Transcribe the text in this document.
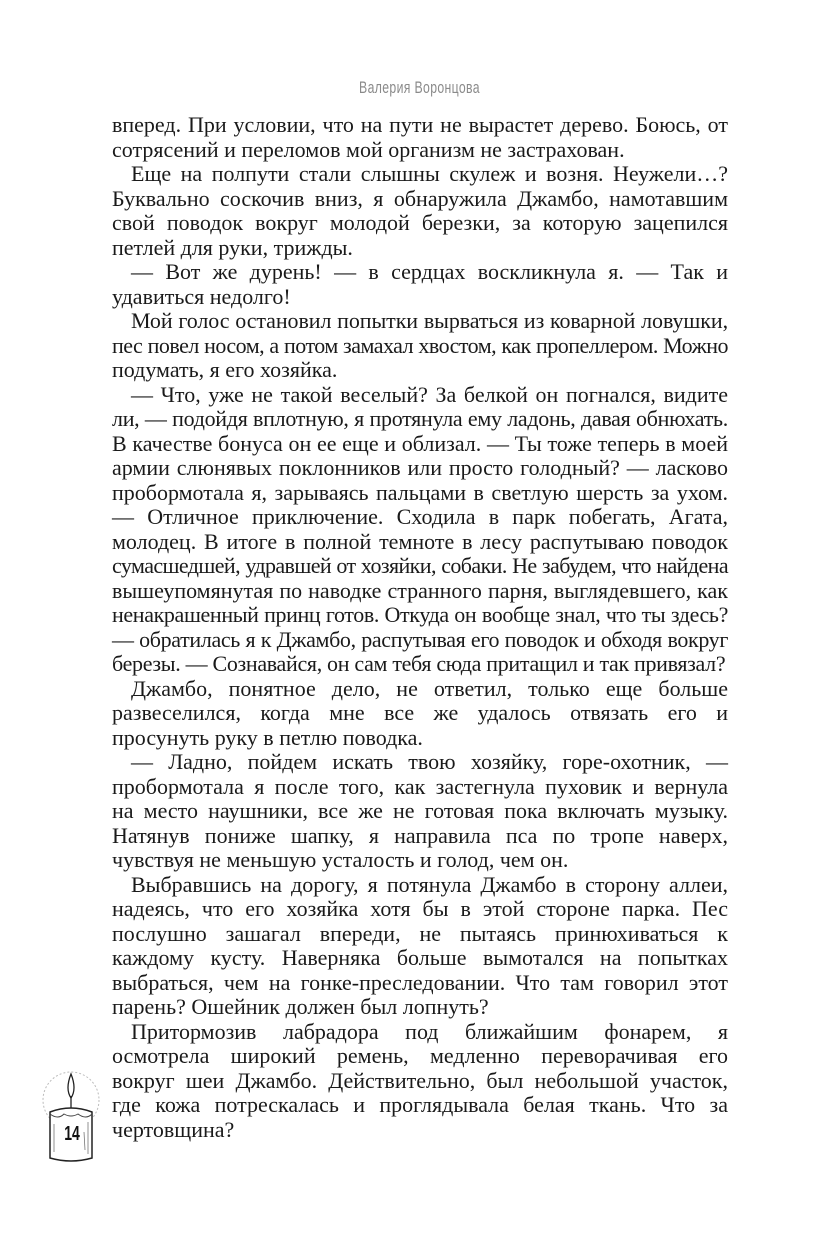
Валерия Воронцова
вперед. При условии, что на пути не вырастет дерево. Боюсь, от
сотрясений и переломов мой организм не застрахован.
Еще на полпути стали слышны скулеж и возня. Неужели…?
Буквально соскочив вниз, я обнаружила Джамбо, намотавшим
свой поводок вокруг молодой березки, за которую зацепился
петлей для руки, трижды.
— Вот же дурень! — в сердцах воскликнула я. — Так и
удавиться недолго!
Мой голос остановил попытки вырваться из коварной ловушки,
пес повел носом, а потом замахал хвостом, как пропеллером. Можно
подумать, я его хозяйка.
— Что, уже не такой веселый? За белкой он погнался, видите
ли, — подойдя вплотную, я протянула ему ладонь, давая обнюхать.
В качестве бонуса он ее еще и облизал. — Ты тоже теперь в моей
армии слюнявых поклонников или просто голодный? — ласково
пробормотала я, зарываясь пальцами в светлую шерсть за ухом.
— Отличное приключение. Сходила в парк побегать, Агата,
молодец. В итоге в полной темноте в лесу распутываю поводок
сумасшедшей, удравшей от хозяйки, собаки. Не забудем, что найдена
вышеупомянутая по наводке странного парня, выглядевшего, как
ненакрашенный принц готов. Откуда он вообще знал, что ты здесь?
— обратилась я к Джамбо, распутывая его поводок и обходя вокруг
березы. — Сознавайся, он сам тебя сюда притащил и так привязал?
Джамбо, понятное дело, не ответил, только еще больше
развеселился, когда мне все же удалось отвязать его и
просунуть руку в петлю поводка.
— Ладно, пойдем искать твою хозяйку, горе-охотник, —
пробормотала я после того, как застегнула пуховик и вернула
на место наушники, все же не готовая пока включать музыку.
Натянув пониже шапку, я направила пса по тропе наверх,
чувствуя не меньшую усталость и голод, чем он.
Выбравшись на дорогу, я потянула Джамбо в сторону аллеи,
надеясь, что его хозяйка хотя бы в этой стороне парка. Пес
послушно зашагал впереди, не пытаясь принюхиваться к
каждому кусту. Наверняка больше вымотался на попытках
выбраться, чем на гонке-преследовании. Что там говорил этот
парень? Ошейник должен был лопнуть?
Притормозив лабрадора под ближайшим фонарем, я
осмотрела широкий ремень, медленно переворачивая его
вокруг шеи Джамбо. Действительно, был небольшой участок,
где кожа потрескалась и проглядывала белая ткань. Что за
чертовщина?
14
